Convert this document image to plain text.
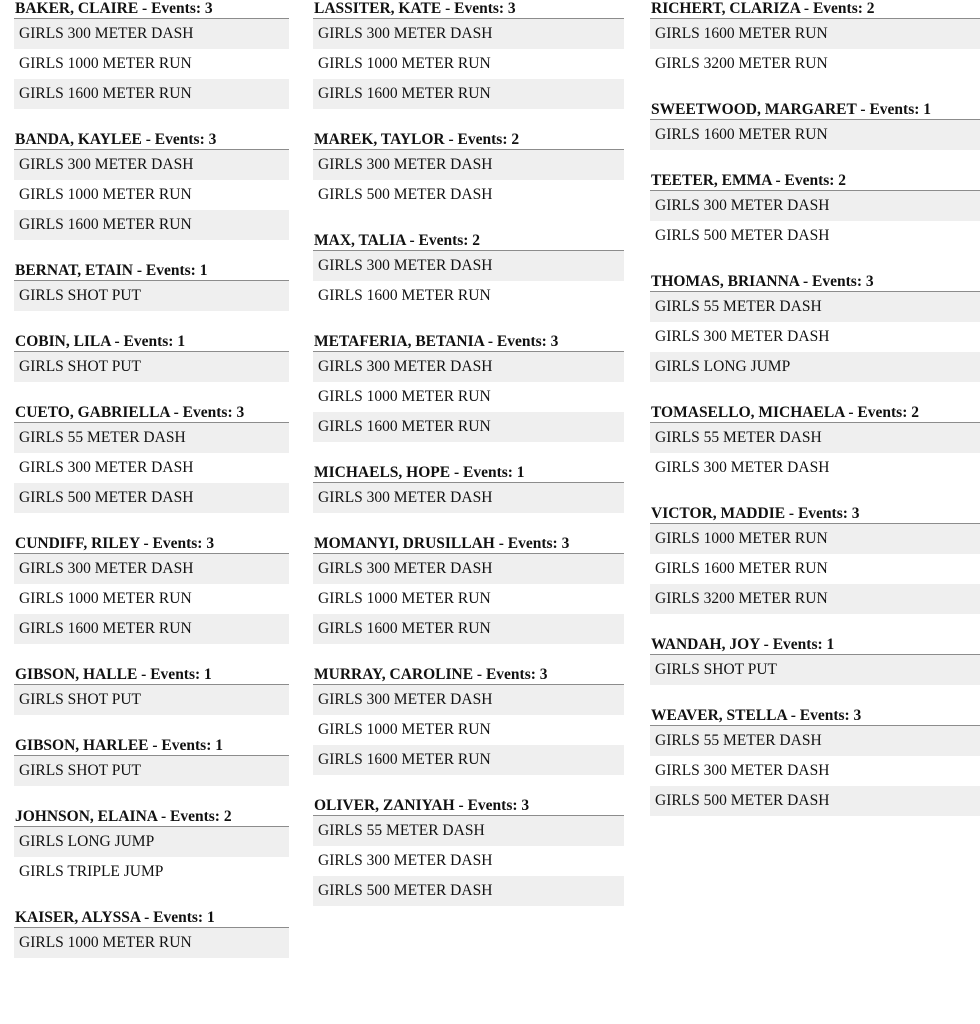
BAKER, CLAIRE - Events: 3
GIRLS 300 METER DASH
GIRLS 1000 METER RUN
GIRLS 1600 METER RUN
BANDA, KAYLEE - Events: 3
GIRLS 300 METER DASH
GIRLS 1000 METER RUN
GIRLS 1600 METER RUN
BERNAT, ETAIN - Events: 1
GIRLS SHOT PUT
COBIN, LILA - Events: 1
GIRLS SHOT PUT
CUETO, GABRIELLA - Events: 3
GIRLS 55 METER DASH
GIRLS 300 METER DASH
GIRLS 500 METER DASH
CUNDIFF, RILEY - Events: 3
GIRLS 300 METER DASH
GIRLS 1000 METER RUN
GIRLS 1600 METER RUN
GIBSON, HALLE - Events: 1
GIRLS SHOT PUT
GIBSON, HARLEE - Events: 1
GIRLS SHOT PUT
JOHNSON, ELAINA - Events: 2
GIRLS LONG JUMP
GIRLS TRIPLE JUMP
KAISER, ALYSSA - Events: 1
GIRLS 1000 METER RUN
LASSITER, KATE - Events: 3
GIRLS 300 METER DASH
GIRLS 1000 METER RUN
GIRLS 1600 METER RUN
MAREK, TAYLOR - Events: 2
GIRLS 300 METER DASH
GIRLS 500 METER DASH
MAX, TALIA - Events: 2
GIRLS 300 METER DASH
GIRLS 1600 METER RUN
METAFERIA, BETANIA - Events: 3
GIRLS 300 METER DASH
GIRLS 1000 METER RUN
GIRLS 1600 METER RUN
MICHAELS, HOPE - Events: 1
GIRLS 300 METER DASH
MOMANYI, DRUSILLAH - Events: 3
GIRLS 300 METER DASH
GIRLS 1000 METER RUN
GIRLS 1600 METER RUN
MURRAY, CAROLINE - Events: 3
GIRLS 300 METER DASH
GIRLS 1000 METER RUN
GIRLS 1600 METER RUN
OLIVER, ZANIYAH - Events: 3
GIRLS 55 METER DASH
GIRLS 300 METER DASH
GIRLS 500 METER DASH
RICHERT, CLARIZA - Events: 2
GIRLS 1600 METER RUN
GIRLS 3200 METER RUN
SWEETWOOD, MARGARET - Events: 1
GIRLS 1600 METER RUN
TEETER, EMMA - Events: 2
GIRLS 300 METER DASH
GIRLS 500 METER DASH
THOMAS, BRIANNA - Events: 3
GIRLS 55 METER DASH
GIRLS 300 METER DASH
GIRLS LONG JUMP
TOMASELLO, MICHAELA - Events: 2
GIRLS 55 METER DASH
GIRLS 300 METER DASH
VICTOR, MADDIE - Events: 3
GIRLS 1000 METER RUN
GIRLS 1600 METER RUN
GIRLS 3200 METER RUN
WANDAH, JOY - Events: 1
GIRLS SHOT PUT
WEAVER, STELLA - Events: 3
GIRLS 55 METER DASH
GIRLS 300 METER DASH
GIRLS 500 METER DASH
